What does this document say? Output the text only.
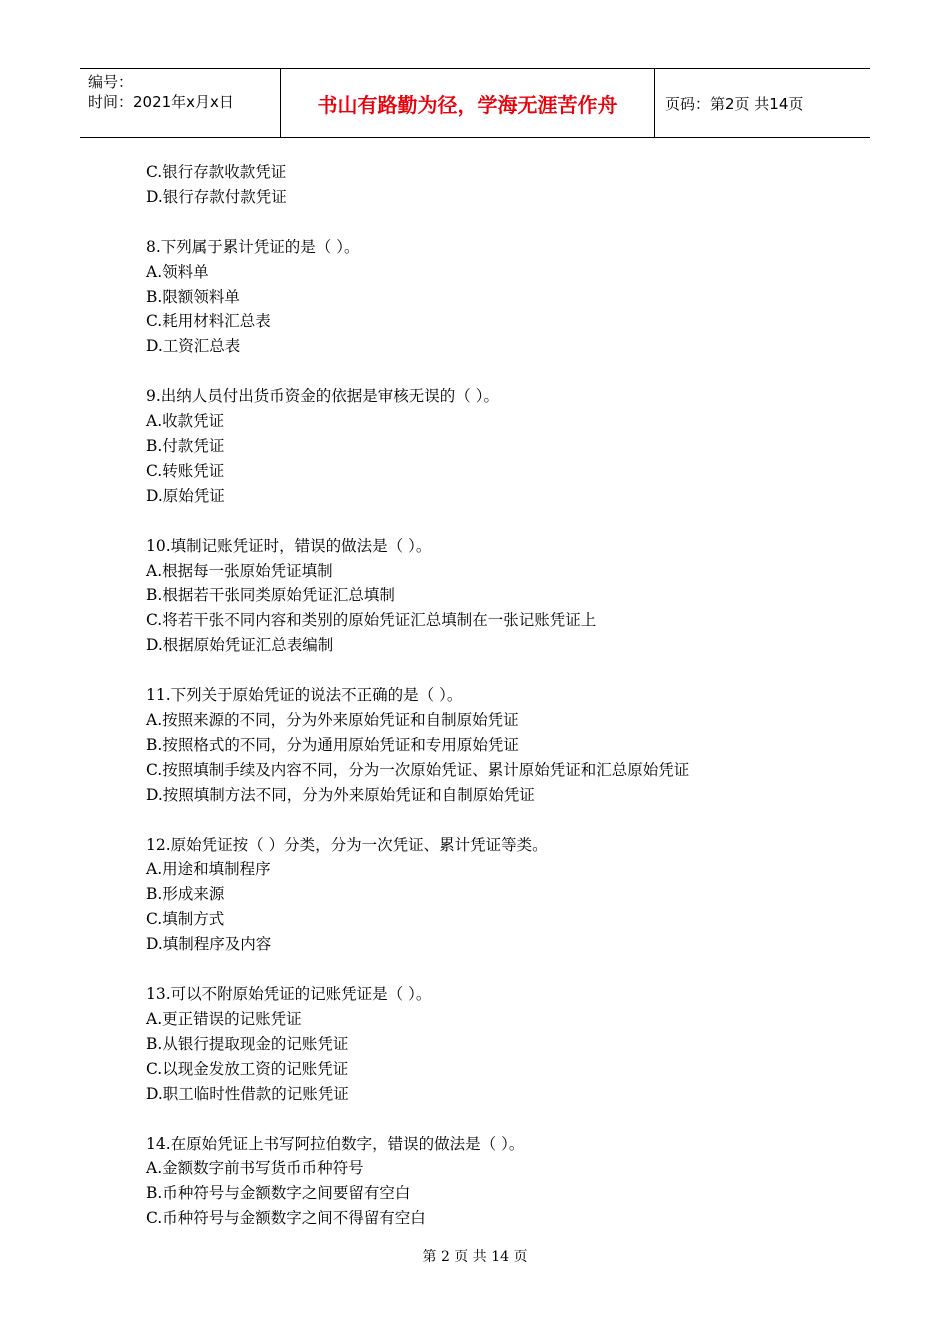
编号：
时间：2021年x月x日	书山有路勤为径，学海无涯苦作舟	页码：第2页 共14页
C.银行存款收款凭证
D.银行存款付款凭证
8.下列属于累计凭证的是（ ）。
A.领料单
B.限额领料单
C.耗用材料汇总表
D.工资汇总表
9.出纳人员付出货币资金的依据是审核无误的（ ）。
A.收款凭证
B.付款凭证
C.转账凭证
D.原始凭证
10.填制记账凭证时，错误的做法是（ ）。
A.根据每一张原始凭证填制
B.根据若干张同类原始凭证汇总填制
C.将若干张不同内容和类别的原始凭证汇总填制在一张记账凭证上
D.根据原始凭证汇总表编制
11.下列关于原始凭证的说法不正确的是（ ）。
A.按照来源的不同，分为外来原始凭证和自制原始凭证
B.按照格式的不同，分为通用原始凭证和专用原始凭证
C.按照填制手续及内容不同，分为一次原始凭证、累计原始凭证和汇总原始凭证
D.按照填制方法不同，分为外来原始凭证和自制原始凭证
12.原始凭证按（ ）分类，分为一次凭证、累计凭证等类。
A.用途和填制程序
B.形成来源
C.填制方式
D.填制程序及内容
13.可以不附原始凭证的记账凭证是（ ）。
A.更正错误的记账凭证
B.从银行提取现金的记账凭证
C.以现金发放工资的记账凭证
D.职工临时性借款的记账凭证
14.在原始凭证上书写阿拉伯数字，错误的做法是（ ）。
A.金额数字前书写货币币种符号
B.币种符号与金额数字之间要留有空白
C.币种符号与金额数字之间不得留有空白
第 2 页 共 14 页
